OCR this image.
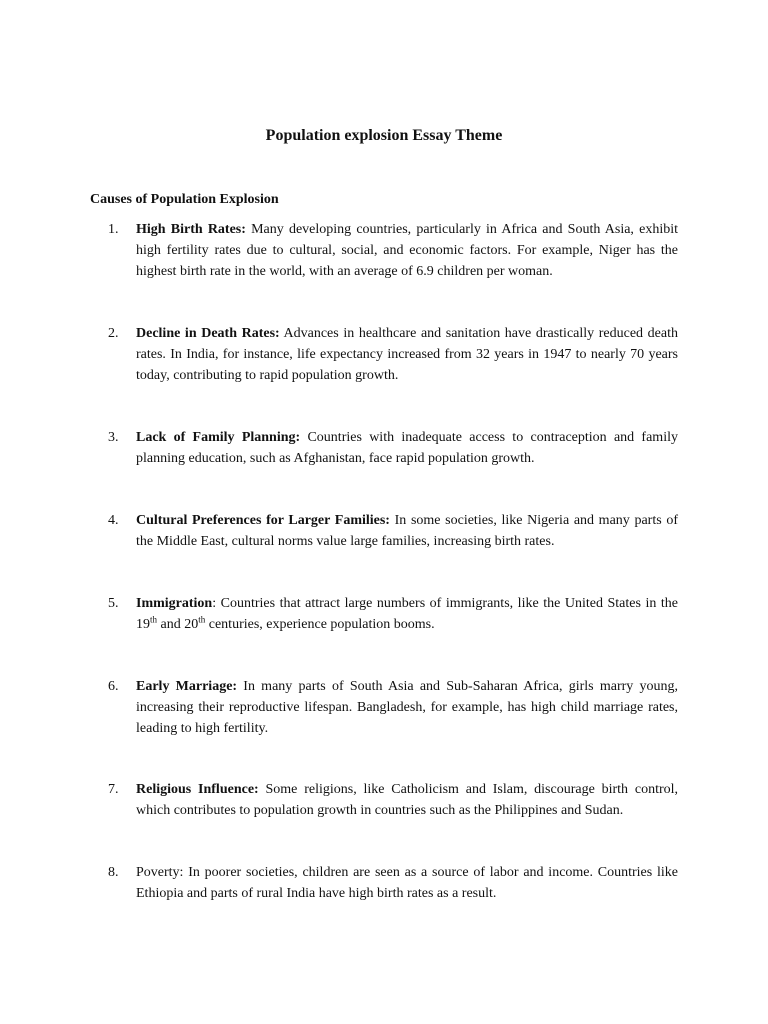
Population explosion Essay Theme
Causes of Population Explosion
1.	High Birth Rates: Many developing countries, particularly in Africa and South Asia, exhibit high fertility rates due to cultural, social, and economic factors. For example, Niger has the highest birth rate in the world, with an average of 6.9 children per woman.
2.	Decline in Death Rates: Advances in healthcare and sanitation have drastically reduced death rates. In India, for instance, life expectancy increased from 32 years in 1947 to nearly 70 years today, contributing to rapid population growth.
3.	Lack of Family Planning: Countries with inadequate access to contraception and family planning education, such as Afghanistan, face rapid population growth.
4.	Cultural Preferences for Larger Families: In some societies, like Nigeria and many parts of the Middle East, cultural norms value large families, increasing birth rates.
5.	Immigration: Countries that attract large numbers of immigrants, like the United States in the 19th and 20th centuries, experience population booms.
6.	Early Marriage: In many parts of South Asia and Sub-Saharan Africa, girls marry young, increasing their reproductive lifespan. Bangladesh, for example, has high child marriage rates, leading to high fertility.
7.	Religious Influence: Some religions, like Catholicism and Islam, discourage birth control, which contributes to population growth in countries such as the Philippines and Sudan.
8.	Poverty: In poorer societies, children are seen as a source of labor and income. Countries like Ethiopia and parts of rural India have high birth rates as a result.
